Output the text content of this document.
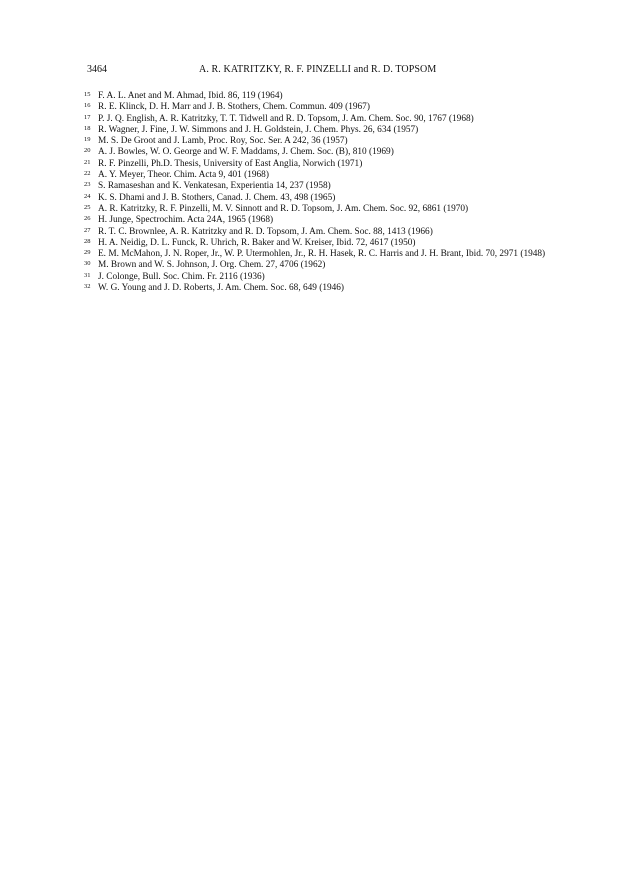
3464	A. R. KATRITZKY, R. F. PINZELLI and R. D. TOPSOM
15 F. A. L. Anet and M. Ahmad, Ibid. 86, 119 (1964)
16 R. E. Klinck, D. H. Marr and J. B. Stothers, Chem. Commun. 409 (1967)
17 P. J. Q. English, A. R. Katritzky, T. T. Tidwell and R. D. Topsom, J. Am. Chem. Soc. 90, 1767 (1968)
18 R. Wagner, J. Fine, J. W. Simmons and J. H. Goldstein, J. Chem. Phys. 26, 634 (1957)
19 M. S. De Groot and J. Lamb, Proc. Roy, Soc. Ser. A 242, 36 (1957)
20 A. J. Bowles, W. O. George and W. F. Maddams, J. Chem. Soc. (B), 810 (1969)
21 R. F. Pinzelli, Ph.D. Thesis, University of East Anglia, Norwich (1971)
22 A. Y. Meyer, Theor. Chim. Acta 9, 401 (1968)
23 S. Ramaseshan and K. Venkatesan, Experientia 14, 237 (1958)
24 K. S. Dhami and J. B. Stothers, Canad. J. Chem. 43, 498 (1965)
25 A. R. Katritzky, R. F. Pinzelli, M. V. Sinnott and R. D. Topsom, J. Am. Chem. Soc. 92, 6861 (1970)
26 H. Junge, Spectrochim. Acta 24A, 1965 (1968)
27 R. T. C. Brownlee, A. R. Katritzky and R. D. Topsom, J. Am. Chem. Soc. 88, 1413 (1966)
28 H. A. Neidig, D. L. Funck, R. Uhrich, R. Baker and W. Kreiser, Ibid. 72, 4617 (1950)
29 E. M. McMahon, J. N. Roper, Jr., W. P. Utermohlen, Jr., R. H. Hasek, R. C. Harris and J. H. Brant, Ibid. 70, 2971 (1948)
30 M. Brown and W. S. Johnson, J. Org. Chem. 27, 4706 (1962)
31 J. Colonge, Bull. Soc. Chim. Fr. 2116 (1936)
32 W. G. Young and J. D. Roberts, J. Am. Chem. Soc. 68, 649 (1946)
